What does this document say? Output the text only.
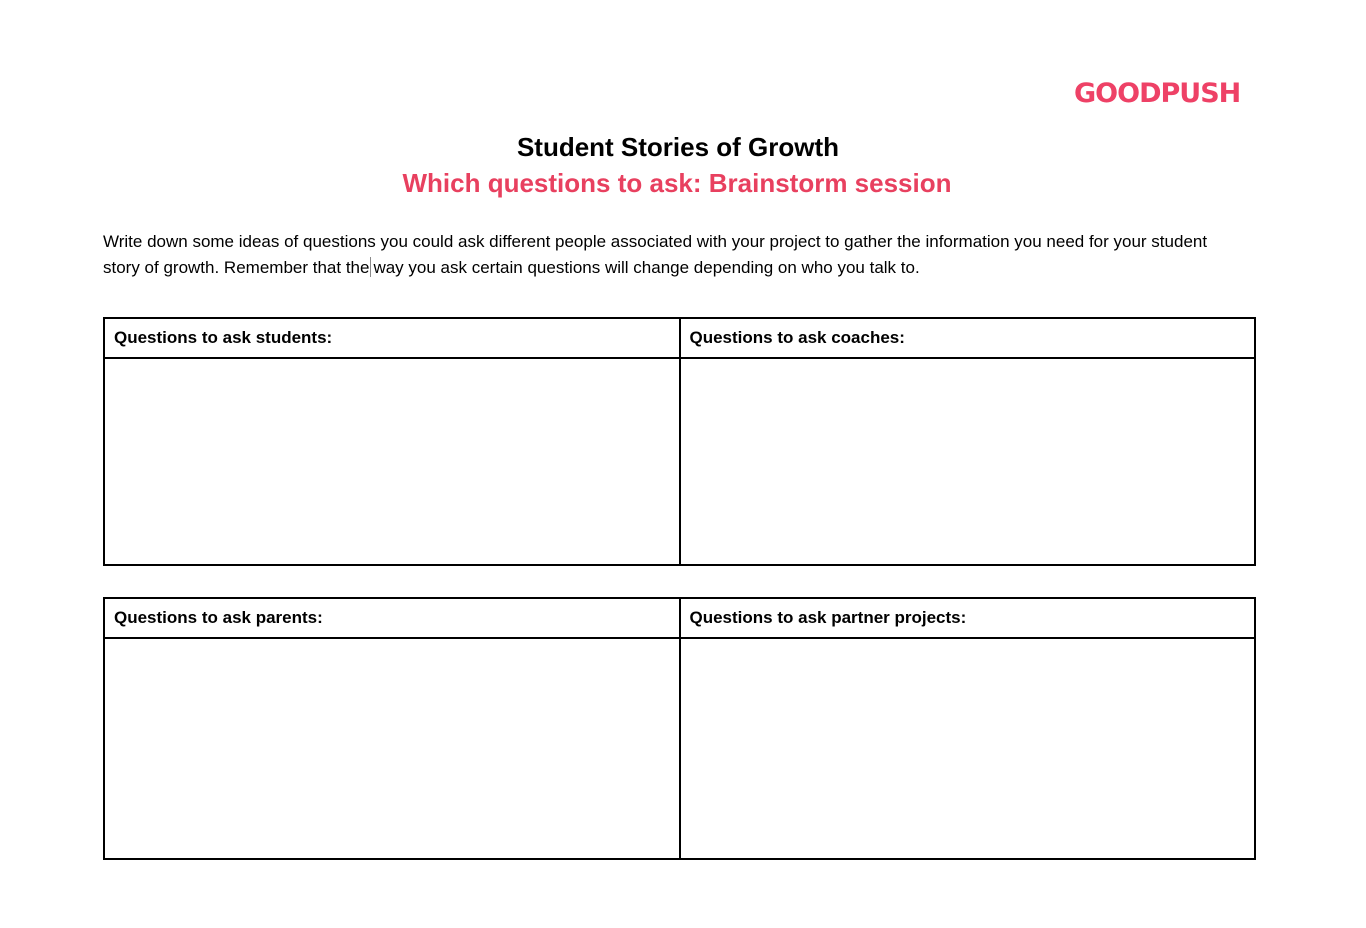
GOODPUSH
Student Stories of Growth
Which questions to ask: Brainstorm session
Write down some ideas of questions you could ask different people associated with your project to gather the information you need for your student story of growth. Remember that the way you ask certain questions will change depending on who you talk to.
Questions to ask students:	Questions to ask coaches:

Questions to ask parents:	Questions to ask partner projects:
